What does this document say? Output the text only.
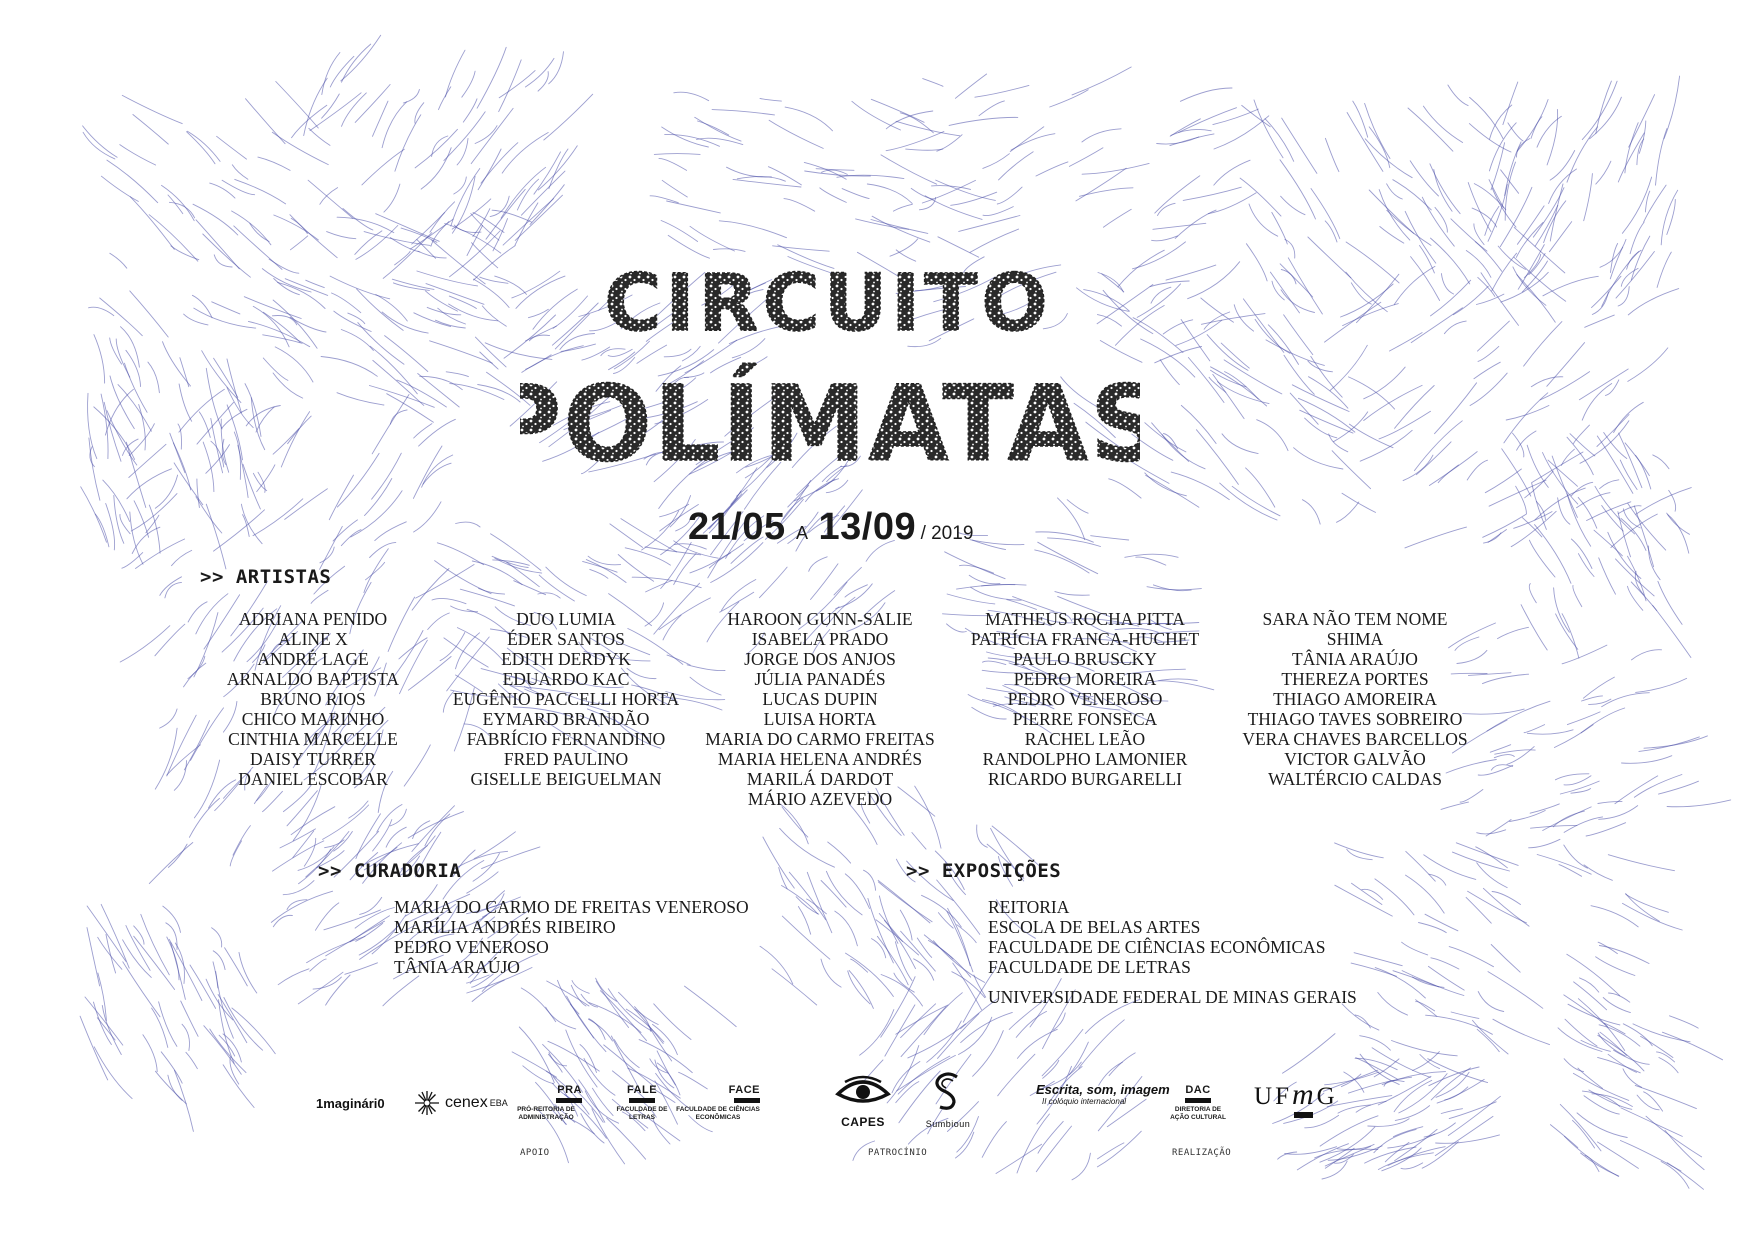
CIRCUITO
POLÍMATAS
21/05 A 13/09 / 2019
>> ARTISTAS
ADRIANA PENIDO
ALINE X
ANDRÉ LAGE
ARNALDO BAPTISTA
BRUNO RIOS
CHICO MARINHO
CINTHIA MARCELLE
DAISY TURRER
DANIEL ESCOBAR
DUO LUMIA
ÉDER SANTOS
EDITH DERDYK
EDUARDO KAC
EUGÊNIO PACCELLI HORTA
EYMARD BRANDÃO
FABRÍCIO FERNANDINO
FRED PAULINO
GISELLE BEIGUELMAN
HAROON GUNN-SALIE
ISABELA PRADO
JORGE DOS ANJOS
JÚLIA PANADÉS
LUCAS DUPIN
LUISA HORTA
MARIA DO CARMO FREITAS
MARIA HELENA ANDRÉS
MARILÁ DARDOT
MÁRIO AZEVEDO
MATHEUS ROCHA PITTA
PATRÍCIA FRANCA-HUCHET
PAULO BRUSCKY
PEDRO MOREIRA
PEDRO VENEROSO
PIERRE FONSECA
RACHEL LEÃO
RANDOLPHO LAMONIER
RICARDO BURGARELLI
SARA NÃO TEM NOME
SHIMA
TÂNIA ARAÚJO
THEREZA PORTES
THIAGO AMOREIRA
THIAGO TAVES SOBREIRO
VERA CHAVES BARCELLOS
VICTOR GALVÃO
WALTÉRCIO CALDAS
>> CURADORIA
MARIA DO CARMO DE FREITAS VENEROSO
MARÍLIA ANDRÉS RIBEIRO
PEDRO VENEROSO
TÂNIA ARAÚJO
>> EXPOSIÇÕES
REITORIA
ESCOLA DE BELAS ARTES
FACULDADE DE CIÊNCIAS ECONÔMICAS
FACULDADE DE LETRAS
UNIVERSIDADE FEDERAL DE MINAS GERAIS
1maginári0	cenex EBA
PRA
PRÓ-REITORIA DE ADMINISTRAÇÃO
FALE
FACULDADE DE LETRAS
FACE
FACULDADE DE CIÊNCIAS ECONÔMICAS
APOIO
CAPES	Sumbioun
PATROCÍNIO
Escrita, som, imagem
II colóquio internacional
DAC
DIRETORIA DE AÇÃO CULTURAL
UFm
G
REALIZAÇÃO
